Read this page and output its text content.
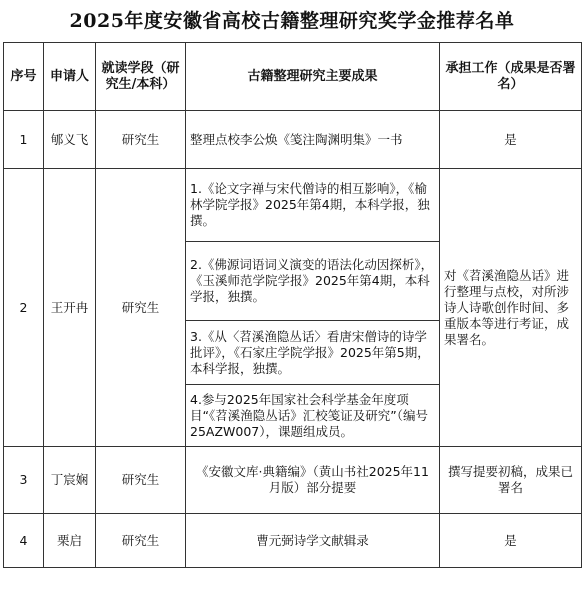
2025年度安徽省高校古籍整理研究奖学金推荐名单
序号	申请人	就读学段（研究生/本科）	古籍整理研究主要成果	承担工作（成果是否署名）
1	郇义飞	研究生	整理点校李公焕《笺注陶渊明集》一书	是
2	王开冉	研究生	1.《论文字禅与宋代僧诗的相互影响》，《榆林学院学报》2025年第4期，本科学报，独撰。	对《苕溪渔隐丛话》进行整理与点校，对所涉诗人诗歌创作时间、多重版本等进行考证，成果署名。
			2.《佛源词语词义演变的语法化动因探析》，《玉溪师范学院学报》2025年第4期，本科学报，独撰。	
			3.《从〈苕溪渔隐丛话〉看唐宋僧诗的诗学批评》，《石家庄学院学报》2025年第5期，本科学报，独撰。	
			4.参与2025年国家社会科学基金年度项目“《苕溪渔隐丛话》汇校笺证及研究”（编号25AZW007），课题组成员。	
3	丁宸娴	研究生	《安徽文库·典籍编》（黄山书社2025年11月版）部分提要	撰写提要初稿，成果已署名
4	栗启	研究生	曹元弼诗学文献辑录	是
